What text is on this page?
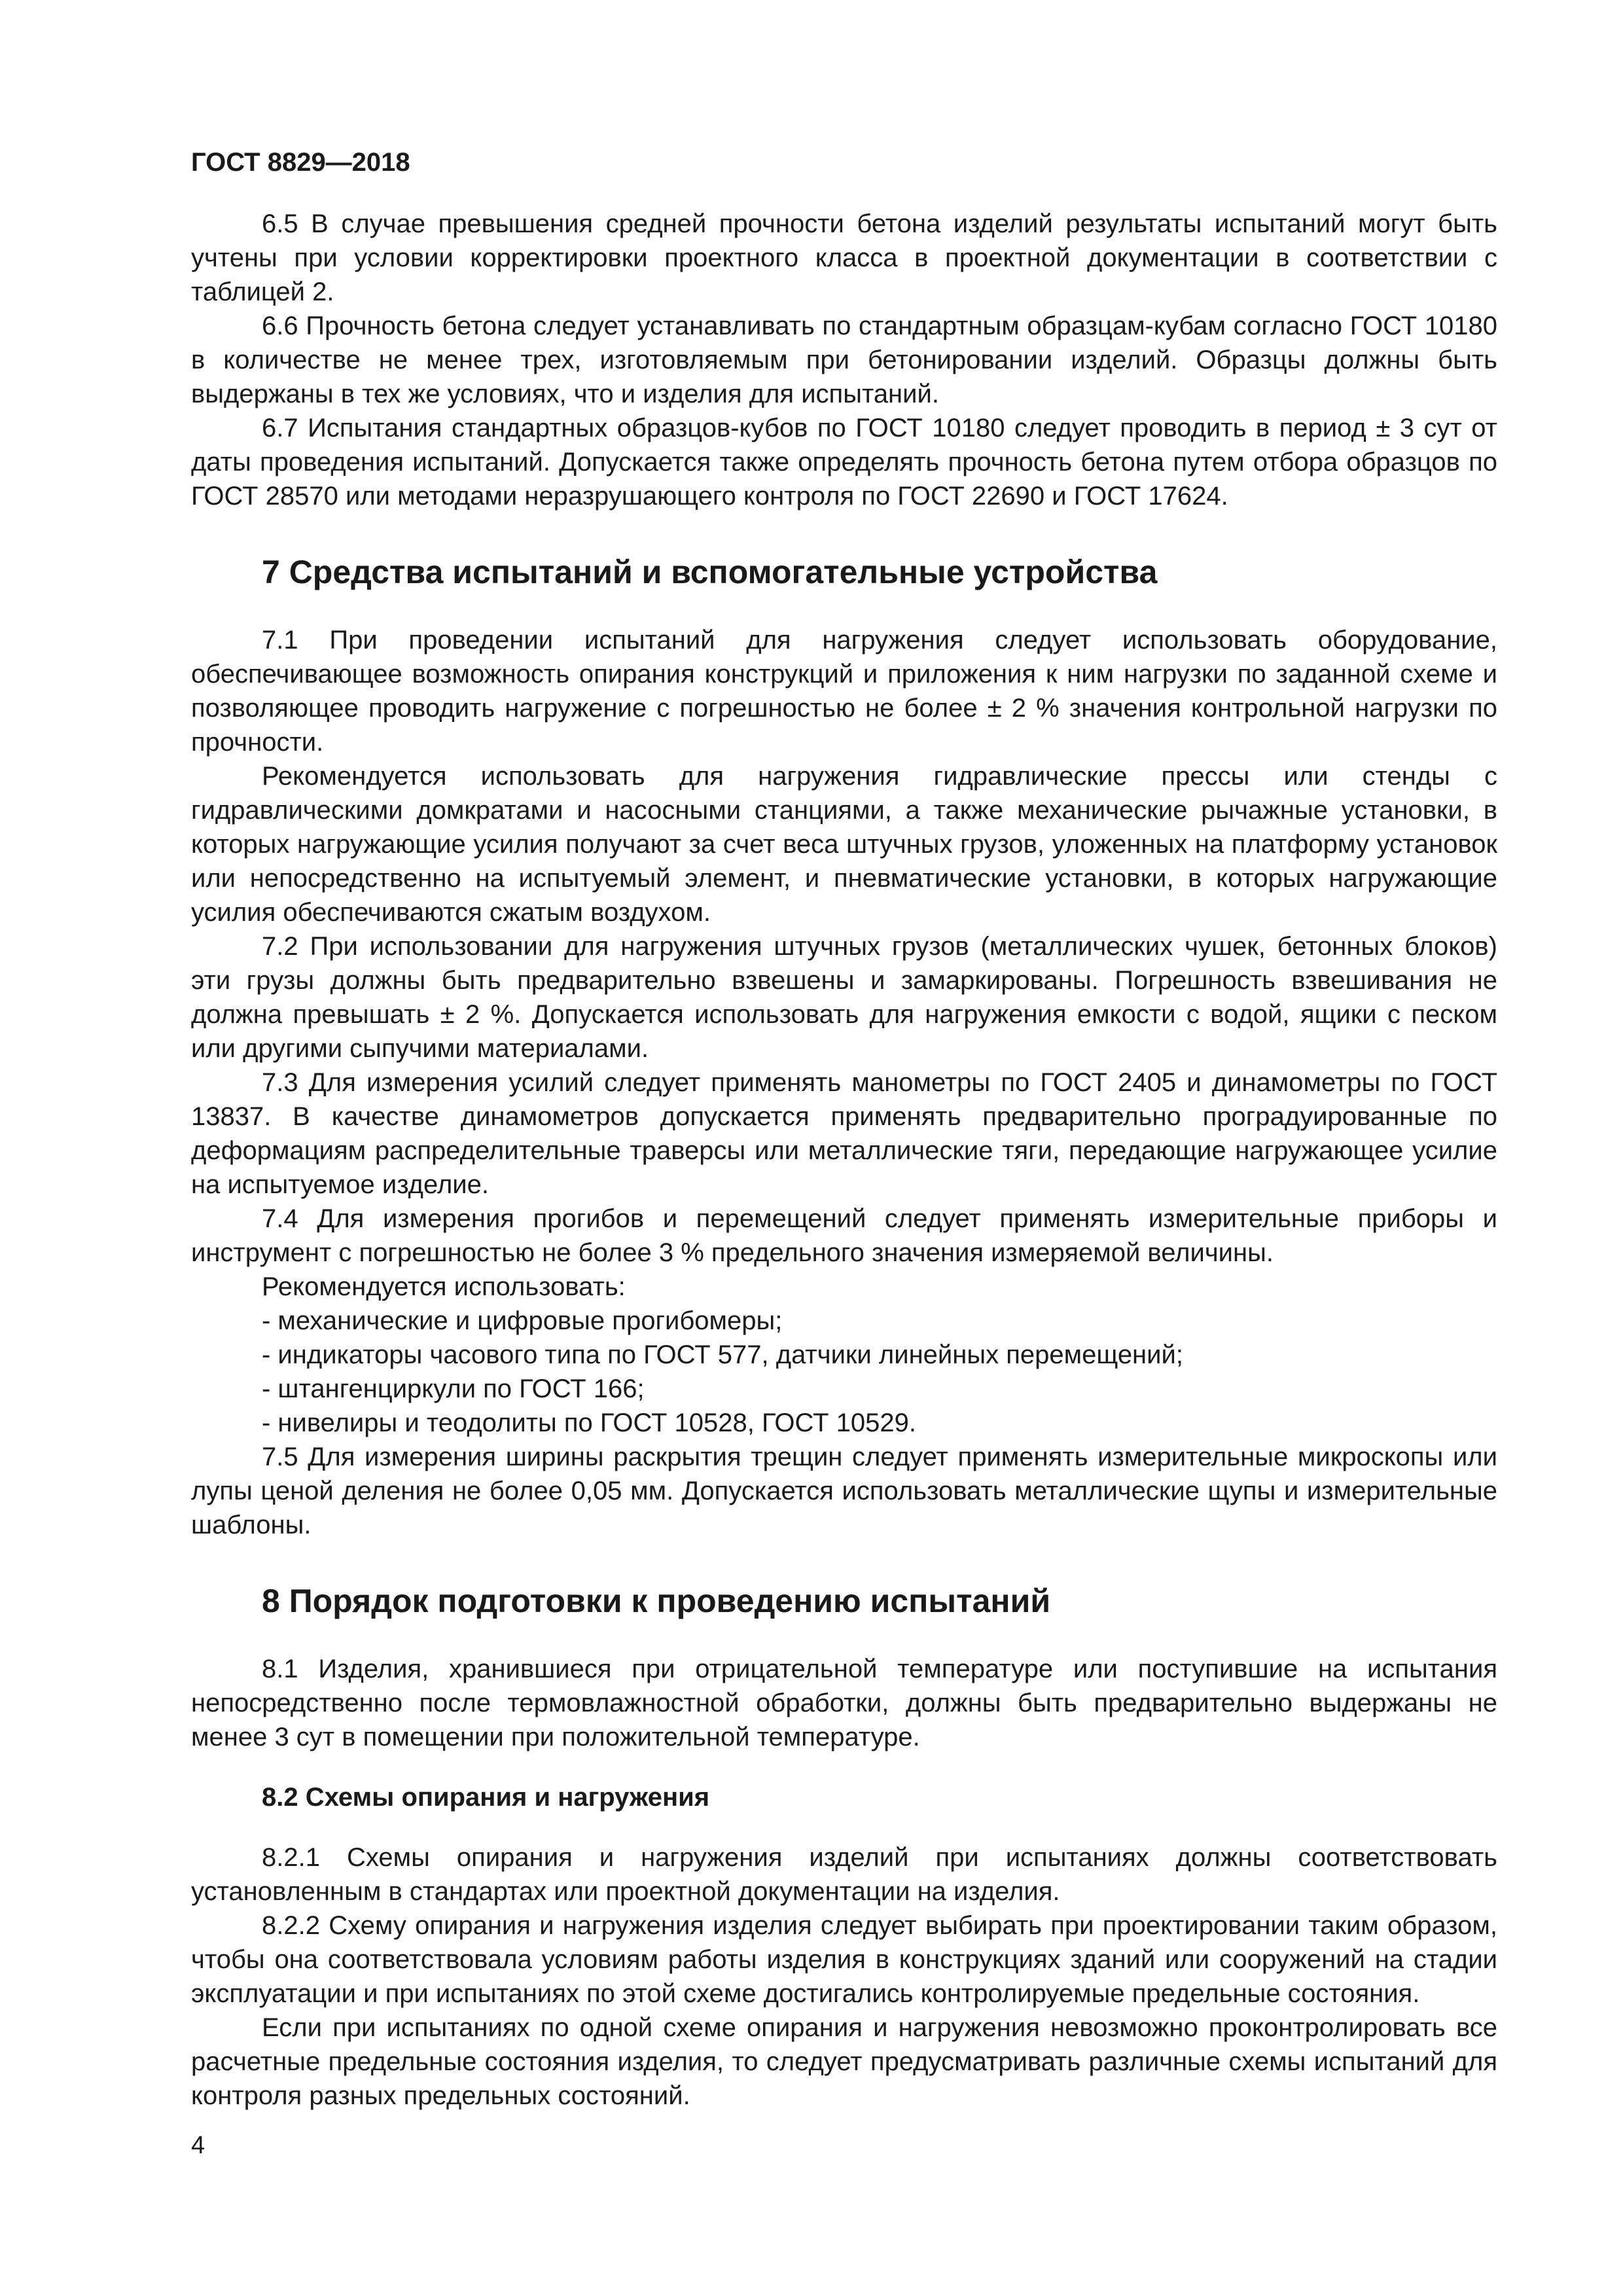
ГОСТ 8829—2018

6.5 В случае превышения средней прочности бетона изделий результаты испытаний могут быть учтены при условии корректировки проектного класса в проектной документации в соответствии с таблицей 2.

6.6 Прочность бетона следует устанавливать по стандартным образцам-кубам согласно ГОСТ 10180 в количестве не менее трех, изготовляемым при бетонировании изделий. Образцы должны быть выдержаны в тех же условиях, что и изделия для испытаний.

6.7 Испытания стандартных образцов-кубов по ГОСТ 10180 следует проводить в период ± 3 сут от даты проведения испытаний. Допускается также определять прочность бетона путем отбора образцов по ГОСТ 28570 или методами неразрушающего контроля по ГОСТ 22690 и ГОСТ 17624.

7 Средства испытаний и вспомогательные устройства

7.1 При проведении испытаний для нагружения следует использовать оборудование, обеспечивающее возможность опирания конструкций и приложения к ним нагрузки по заданной схеме и позволяющее проводить нагружение с погрешностью не более ± 2 % значения контрольной нагрузки по прочности.

Рекомендуется использовать для нагружения гидравлические прессы или стенды с гидравлическими домкратами и насосными станциями, а также механические рычажные установки, в которых нагружающие усилия получают за счет веса штучных грузов, уложенных на платформу установок или непосредственно на испытуемый элемент, и пневматические установки, в которых нагружающие усилия обеспечиваются сжатым воздухом.

7.2 При использовании для нагружения штучных грузов (металлических чушек, бетонных блоков) эти грузы должны быть предварительно взвешены и замаркированы. Погрешность взвешивания не должна превышать ± 2 %. Допускается использовать для нагружения емкости с водой, ящики с песком или другими сыпучими материалами.

7.3 Для измерения усилий следует применять манометры по ГОСТ 2405 и динамометры по ГОСТ 13837. В качестве динамометров допускается применять предварительно проградуированные по деформациям распределительные траверсы или металлические тяги, передающие нагружающее усилие на испытуемое изделие.

7.4 Для измерения прогибов и перемещений следует применять измерительные приборы и инструмент с погрешностью не более 3 % предельного значения измеряемой величины.

Рекомендуется использовать:

- механические и цифровые прогибомеры;
- индикаторы часового типа по ГОСТ 577, датчики линейных перемещений;
- штангенциркули по ГОСТ 166;
- нивелиры и теодолиты по ГОСТ 10528, ГОСТ 10529.

7.5 Для измерения ширины раскрытия трещин следует применять измерительные микроскопы или лупы ценой деления не более 0,05 мм. Допускается использовать металлические щупы и измерительные шаблоны.

8 Порядок подготовки к проведению испытаний

8.1 Изделия, хранившиеся при отрицательной температуре или поступившие на испытания непосредственно после термовлажностной обработки, должны быть предварительно выдержаны не менее 3 сут в помещении при положительной температуре.

8.2 Схемы опирания и нагружения

8.2.1 Схемы опирания и нагружения изделий при испытаниях должны соответствовать установленным в стандартах или проектной документации на изделия.

8.2.2 Схему опирания и нагружения изделия следует выбирать при проектировании таким образом, чтобы она соответствовала условиям работы изделия в конструкциях зданий или сооружений на стадии эксплуатации и при испытаниях по этой схеме достигались контролируемые предельные состояния.

Если при испытаниях по одной схеме опирания и нагружения невозможно проконтролировать все расчетные предельные состояния изделия, то следует предусматривать различные схемы испытаний для контроля разных предельных состояний.

4
